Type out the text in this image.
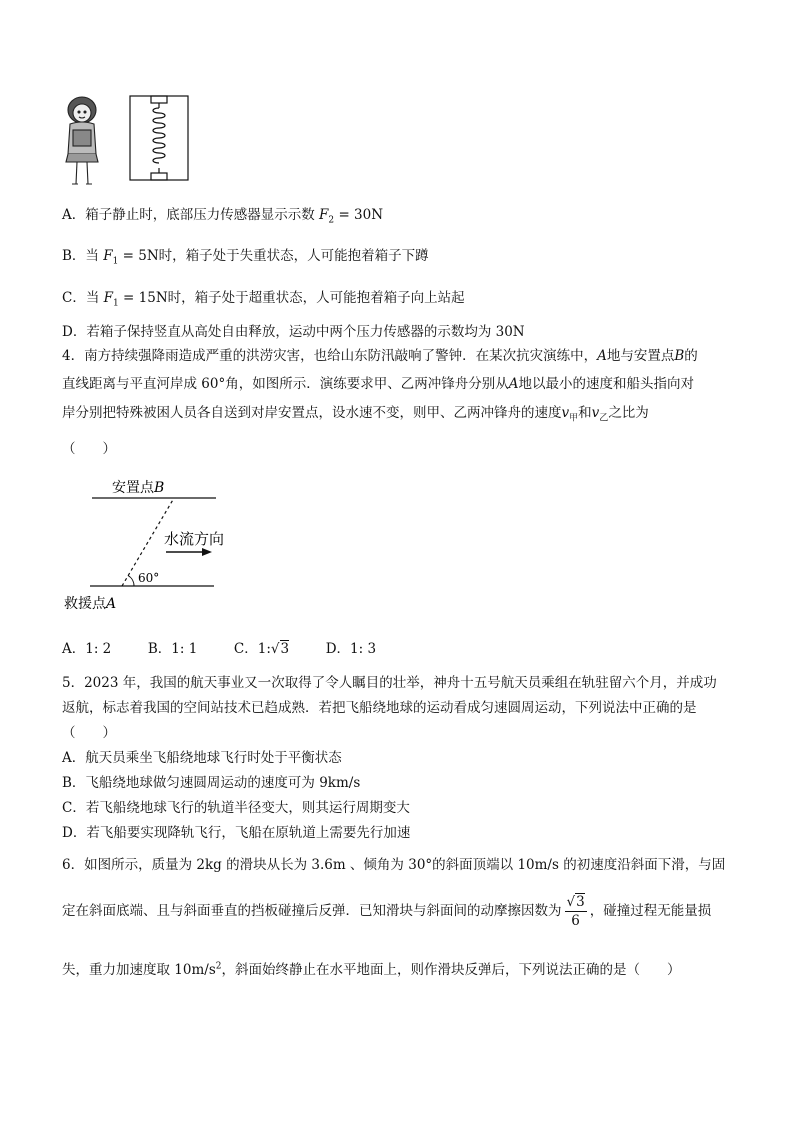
A．箱子静止时，底部压力传感器显示示数 $F_2 = 30N$
B．当 $F_1 = 5N$时，箱子处于失重状态，人可能抱着箱子下蹲
C．当 $F_1 = 15N$时，箱子处于超重状态，人可能抱着箱子向上站起
D．若箱子保持竖直从高处自由释放，运动中两个压力传感器的示数均为 30N
4．南方持续强降雨造成严重的洪涝灾害，也给山东防汛敲响了警钟．在某次抗灾演练中，A地与安置点B的
直线距离与平直河岸成 60°角，如图所示．演练要求甲、乙两冲锋舟分别从A地以最小的速度和船头指向对
岸分别把特殊被困人员各自送到对岸安置点，设水速不变，则甲、乙两冲锋舟的速度$v_甲$和$v_乙$之比为
（　　）
安置点B
水流方向
60°
救援点A
A．1: 2	B．1: 1	C．1:√3	D．1: 3
5．2023 年，我国的航天事业又一次取得了令人瞩目的壮举，神舟十五号航天员乘组在轨驻留六个月，并成功
返航，标志着我国的空间站技术已趋成熟．若把飞船绕地球的运动看成匀速圆周运动，下列说法中正确的是
（　　）
A．航天员乘坐飞船绕地球飞行时处于平衡状态
B．飞船绕地球做匀速圆周运动的速度可为 9km/s
C．若飞船绕地球飞行的轨道半径变大，则其运行周期变大
D．若飞船要实现降轨飞行，飞船在原轨道上需要先行加速
6．如图所示，质量为 2kg 的滑块从长为 3.6m 、倾角为 30°的斜面顶端以 10m/s 的初速度沿斜面下滑，与固
定在斜面底端、且与斜面垂直的挡板碰撞后反弹．已知滑块与斜面间的动摩擦因数为 $\frac{√3}{6}$ ，碰撞过程无能量损
失，重力加速度取 $10m/s^2$，斜面始终静止在水平地面上，则作滑块反弹后，下列说法正确的是（　　）
